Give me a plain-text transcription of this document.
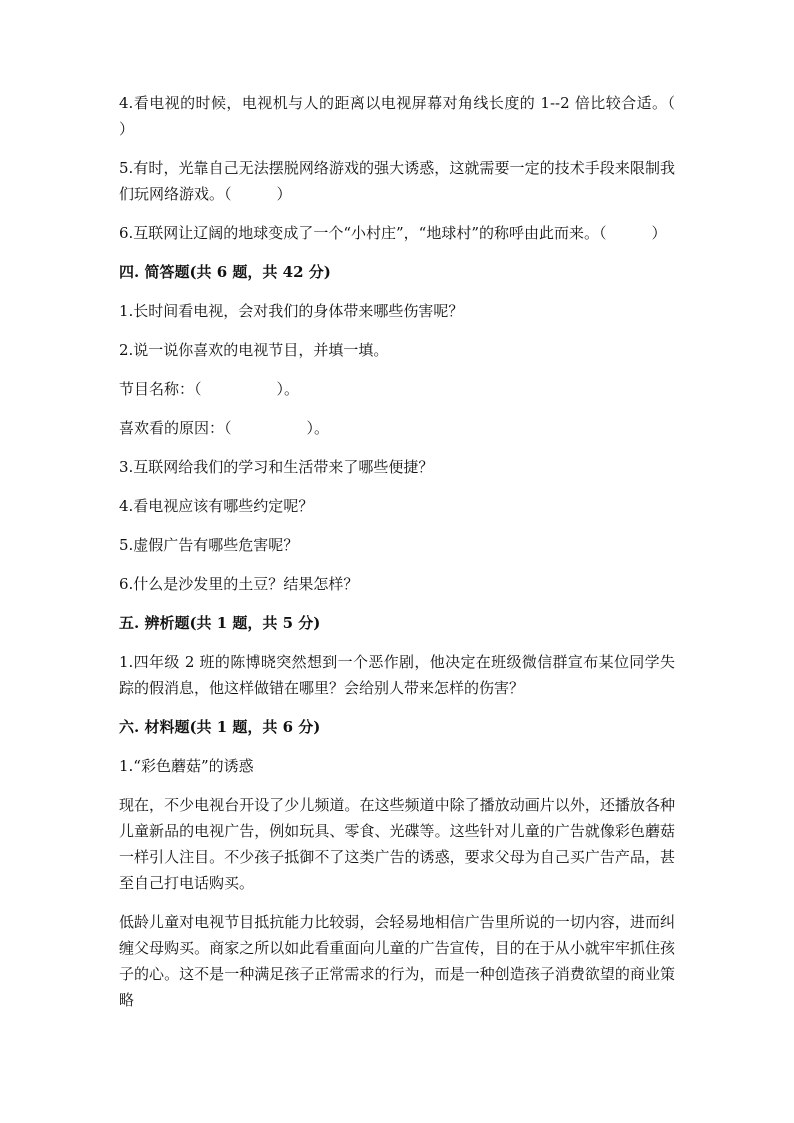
4.看电视的时候，电视机与人的距离以电视屏幕对角线长度的 1--2 倍比较合适。（　　　）

5.有时，光靠自己无法摆脱网络游戏的强大诱惑，这就需要一定的技术手段来限制我们玩网络游戏。（　　　）

6.互联网让辽阔的地球变成了一个“小村庄”，“地球村”的称呼由此而来。（　　　）

四. 简答题(共 6 题，共 42 分)

1.长时间看电视，会对我们的身体带来哪些伤害呢？

2.说一说你喜欢的电视节目，并填一填。

节目名称：（　　　　　）。

喜欢看的原因：（　　　　　）。

3.互联网给我们的学习和生活带来了哪些便捷？

4.看电视应该有哪些约定呢？

5.虚假广告有哪些危害呢？

6.什么是沙发里的土豆？结果怎样？

五. 辨析题(共 1 题，共 5 分)

1.四年级 2 班的陈博晓突然想到一个恶作剧，他决定在班级微信群宣布某位同学失踪的假消息，他这样做错在哪里？会给别人带来怎样的伤害？

六. 材料题(共 1 题，共 6 分)

1.“彩色蘑菇”的诱惑

现在，不少电视台开设了少儿频道。在这些频道中除了播放动画片以外，还播放各种儿童新品的电视广告，例如玩具、零食、光碟等。这些针对儿童的广告就像彩色蘑菇一样引人注目。不少孩子抵御不了这类广告的诱惑，要求父母为自己买广告产品，甚至自己打电话购买。

低龄儿童对电视节目抵抗能力比较弱，会轻易地相信广告里所说的一切内容，进而纠缠父母购买。商家之所以如此看重面向儿童的广告宣传，目的在于从小就牢牢抓住孩子的心。这不是一种满足孩子正常需求的行为，而是一种创造孩子消费欲望的商业策略
